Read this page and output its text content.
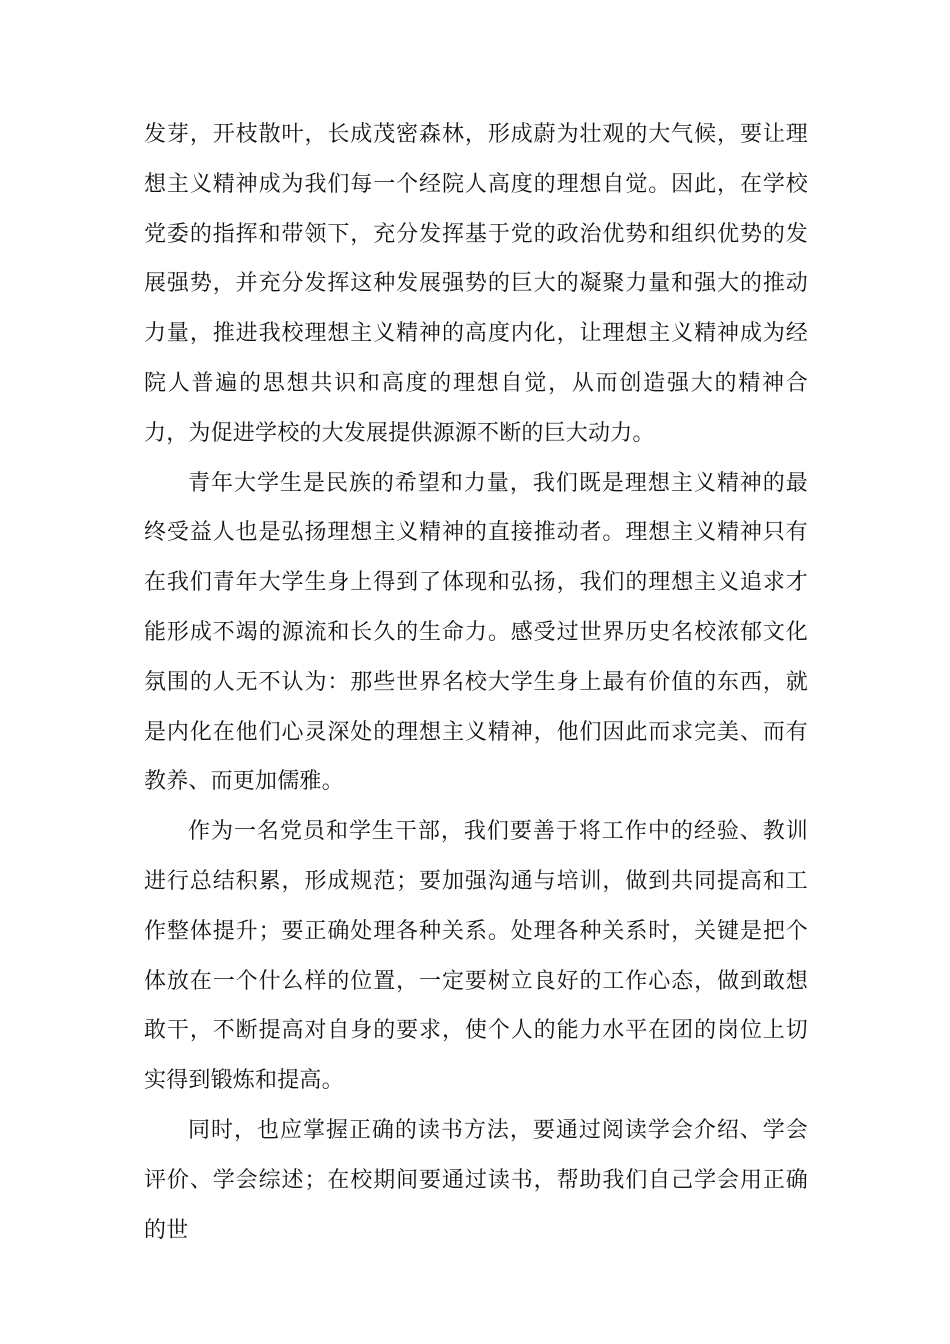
发芽，开枝散叶，长成茂密森林，形成蔚为壮观的大气候，要让理想主义精神成为我们每一个经院人高度的理想自觉。因此，在学校党委的指挥和带领下，充分发挥基于党的政治优势和组织优势的发展强势，并充分发挥这种发展强势的巨大的凝聚力量和强大的推动力量，推进我校理想主义精神的高度内化，让理想主义精神成为经院人普遍的思想共识和高度的理想自觉，从而创造强大的精神合力，为促进学校的大发展提供源源不断的巨大动力。

青年大学生是民族的希望和力量，我们既是理想主义精神的最终受益人也是弘扬理想主义精神的直接推动者。理想主义精神只有在我们青年大学生身上得到了体现和弘扬，我们的理想主义追求才能形成不竭的源流和长久的生命力。感受过世界历史名校浓郁文化氛围的人无不认为：那些世界名校大学生身上最有价值的东西，就是内化在他们心灵深处的理想主义精神，他们因此而求完美、而有教养、而更加儒雅。

作为一名党员和学生干部，我们要善于将工作中的经验、教训进行总结积累，形成规范；要加强沟通与培训，做到共同提高和工作整体提升；要正确处理各种关系。处理各种关系时，关键是把个体放在一个什么样的位置，一定要树立良好的工作心态，做到敢想敢干，不断提高对自身的要求，使个人的能力水平在团的岗位上切实得到锻炼和提高。

同时，也应掌握正确的读书方法，要通过阅读学会介绍、学会评价、学会综述；在校期间要通过读书，帮助我们自己学会用正确的世
